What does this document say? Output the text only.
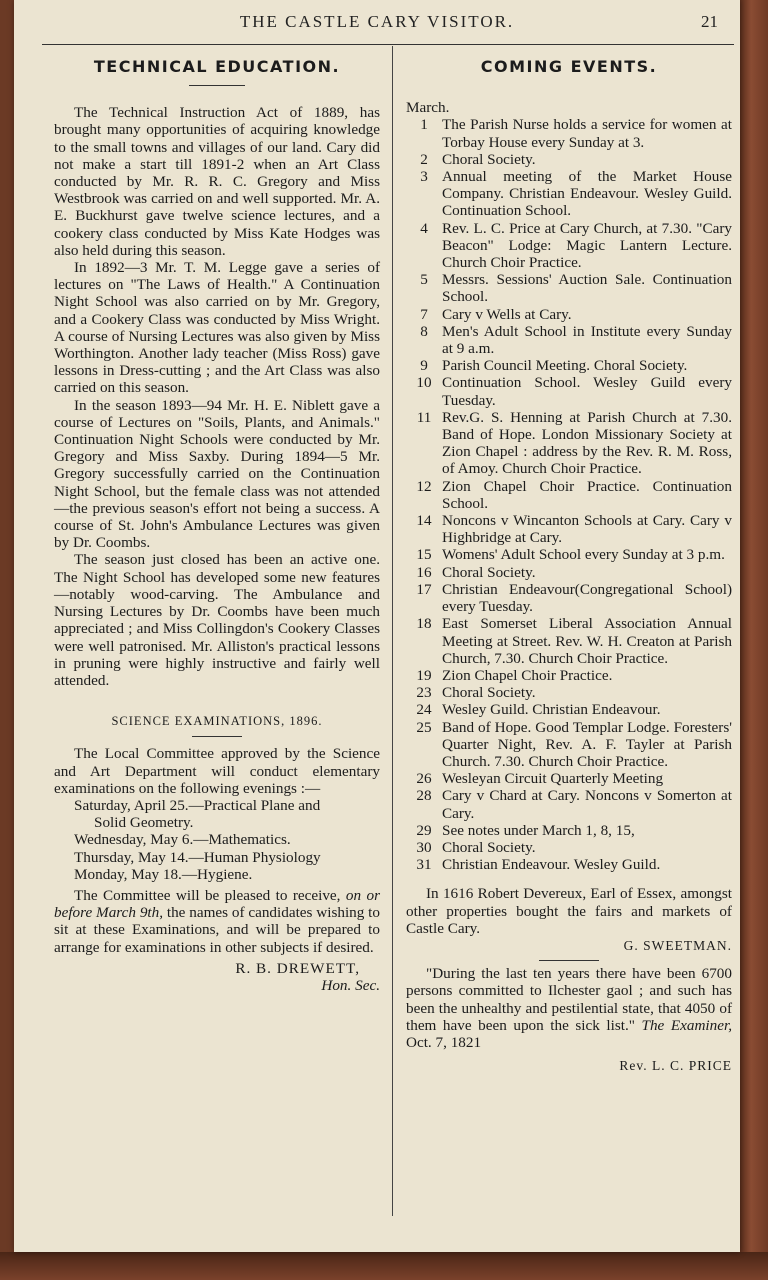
THE CASTLE CARY VISITOR.	21
TECHNICAL EDUCATION.

The Technical Instruction Act of 1889, has brought many opportunities of acquiring knowledge to the small towns and villages of our land. Cary did not make a start till 1891-2 when an Art Class conducted by Mr. R. R. C. Gregory and Miss Westbrook was carried on and well supported. Mr. A. E. Buckhurst gave twelve science lectures, and a cookery class conducted by Miss Kate Hodges was also held during this season.

In 1892—3 Mr. T. M. Legge gave a series of lectures on "The Laws of Health." A Continuation Night School was also carried on by Mr. Gregory, and a Cookery Class was conducted by Miss Wright. A course of Nursing Lectures was also given by Miss Worthington. Another lady teacher (Miss Ross) gave lessons in Dress-cutting ; and the Art Class was also carried on this season.

In the season 1893—94 Mr. H. E. Niblett gave a course of Lectures on "Soils, Plants, and Animals." Continuation Night Schools were conducted by Mr. Gregory and Miss Saxby. During 1894—5 Mr. Gregory successfully carried on the Continuation Night School, but the female class was not attended—the previous season's effort not being a success. A course of St. John's Ambulance Lectures was given by Dr. Coombs.

The season just closed has been an active one. The Night School has developed some new features—notably wood-carving. The Ambulance and Nursing Lectures by Dr. Coombs have been much appreciated ; and Miss Collingdon's Cookery Classes were well patronised. Mr. Alliston's practical lessons in pruning were highly instructive and fairly well attended.

SCIENCE EXAMINATIONS, 1896.

The Local Committee approved by the Science and Art Department will conduct elementary examinations on the following evenings :—

Saturday, April 25.—Practical Plane and
Solid Geometry.

Wednesday, May 6.—Mathematics.

Thursday, May 14.—Human Physiology

Monday, May 18.—Hygiene.

The Committee will be pleased to receive, on or before March 9th, the names of candidates wishing to sit at these Examinations, and will be prepared to arrange for examinations in other subjects if desired.

R. B. DREWETT,
Hon. Sec.
COMING EVENTS.
March.
1 The Parish Nurse holds a service for women at Torbay House every Sunday at 3.
2 Choral Society.
3 Annual meeting of the Market House Company. Christian Endeavour. Wesley Guild. Continuation School.
4 Rev. L. C. Price at Cary Church, at 7.30. "Cary Beacon" Lodge: Magic Lantern Lecture. Church Choir Practice.
5 Messrs. Sessions' Auction Sale. Continuation School.
7 Cary v Wells at Cary.
8 Men's Adult School in Institute every Sunday at 9 a.m.
9 Parish Council Meeting. Choral Society.
10 Continuation School. Wesley Guild every Tuesday.
11 Rev.G. S. Henning at Parish Church at 7.30. Band of Hope. London Missionary Society at Zion Chapel : address by the Rev. R. M. Ross, of Amoy. Church Choir Practice.
12 Zion Chapel Choir Practice. Continuation School.
14 Noncons v Wincanton Schools at Cary. Cary v Highbridge at Cary.
15 Womens' Adult School every Sunday at 3 p.m.
16 Choral Society.
17 Christian Endeavour(Congregational School) every Tuesday.
18 East Somerset Liberal Association Annual Meeting at Street. Rev. W. H. Creaton at Parish Church, 7.30. Church Choir Practice.
19 Zion Chapel Choir Practice.
23 Choral Society.
24 Wesley Guild. Christian Endeavour.
25 Band of Hope. Good Templar Lodge. Foresters' Quarter Night, Rev. A. F. Tayler at Parish Church. 7.30. Church Choir Practice.
26 Wesleyan Circuit Quarterly Meeting
28 Cary v Chard at Cary. Noncons v Somerton at Cary.
29 See notes under March 1, 8, 15,
30 Choral Society.
31 Christian Endeavour. Wesley Guild.
In 1616 Robert Devereux, Earl of Essex, amongst other properties bought the fairs and markets of Castle Cary.
G. SWEETMAN.
"During the last ten years there have been 6700 persons committed to Ilchester gaol ; and such has been the unhealthy and pestilential state, that 4050 of them have been upon the sick list." The Examiner, Oct. 7, 1821
Rev. L. C. PRICE
